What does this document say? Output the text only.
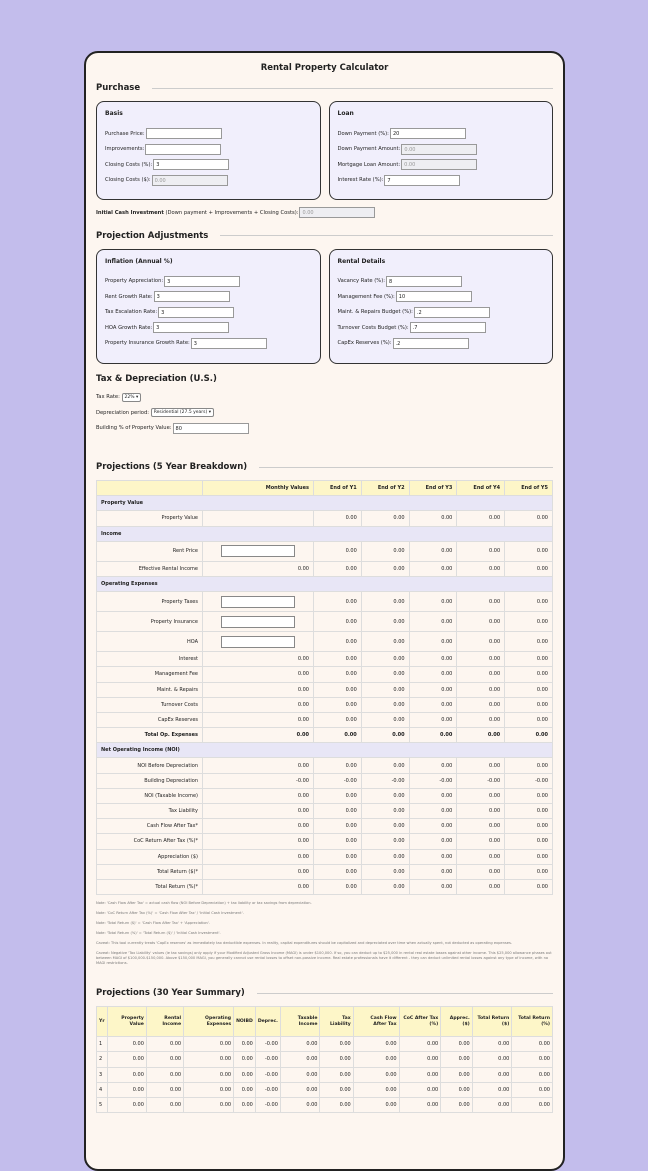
Rental Property Calculator
Purchase
Basis
Purchase Price:
Improvements:
Closing Costs (%): 3
Closing Costs ($): 0.00
Loan
Down Payment (%): 20
Down Payment Amount: 0.00
Mortgage Loan Amount: 0.00
Interest Rate (%): 7
Initial Cash Investment (Down payment + Improvements + Closing Costs): 0.00
Projection Adjustments
Inflation (Annual %)
Property Appreciation: 3
Rent Growth Rate: 3
Tax Escalation Rate: 3
HOA Growth Rate: 3
Property Insurance Growth Rate: 3
Rental Details
Vacancy Rate (%): 8
Management Fee (%): 10
Maint. & Repairs Budget (%): .2
Turnover Costs Budget (%): .7
CapEx Reserves (%): .2
Tax & Depreciation (U.S.)
Tax Rate:
	22% ▾
Depreciation period:
	Residential (27.5 years) ▾
Building % of Property Value: 80
Projections (5 Year Breakdown)
	Monthly Values	End of Y1	End of Y2	End of Y3	End of Y4	End of Y5
Property Value						
Property Value		0.00	0.00	0.00	0.00	0.00
Income						
Rent Price		0.00	0.00	0.00	0.00	0.00
Effective Rental Income	0.00	0.00	0.00	0.00	0.00	0.00
Operating Expenses						
Property Taxes		0.00	0.00	0.00	0.00	0.00
Property Insurance		0.00	0.00	0.00	0.00	0.00
HOA		0.00	0.00	0.00	0.00	0.00
Interest	0.00	0.00	0.00	0.00	0.00	0.00
Management Fee	0.00	0.00	0.00	0.00	0.00	0.00
Maint. & Repairs	0.00	0.00	0.00	0.00	0.00	0.00
Turnover Costs	0.00	0.00	0.00	0.00	0.00	0.00
CapEx Reserves	0.00	0.00	0.00	0.00	0.00	0.00
Total Op. Expenses	0.00	0.00	0.00	0.00	0.00	0.00
Net Operating Income (NOI)						
NOI Before Depreciation	0.00	0.00	0.00	0.00	0.00	0.00
Building Depreciation	-0.00	-0.00	-0.00	-0.00	-0.00	-0.00
NOI (Taxable Income)	0.00	0.00	0.00	0.00	0.00	0.00
Tax Liability	0.00	0.00	0.00	0.00	0.00	0.00
Cash Flow After Tax*	0.00	0.00	0.00	0.00	0.00	0.00
CoC Return After Tax (%)*	0.00	0.00	0.00	0.00	0.00	0.00
Appreciation ($)	0.00	0.00	0.00	0.00	0.00	0.00
Total Return ($)*	0.00	0.00	0.00	0.00	0.00	0.00
Total Return (%)*	0.00	0.00	0.00	0.00	0.00	0.00

Note: 'Cash Flow After Tax' = actual cash flow (NOI Before Depreciation) + tax liability or tax savings from depreciation.

Note: 'CoC Return After Tax (%)' = 'Cash Flow After Tax' / 'Initial Cash Investment'.

Note: 'Total Return ($)' = 'Cash Flow After Tax' + 'Appreciation'.

Note: 'Total Return (%)' = 'Total Return ($)' / 'Initial Cash Investment'.

Caveat: This tool currently treats 'CapEx reserves' as immediately tax deductible expenses. In reality, capital expenditures should be capitalized and depreciated over time when actually spent, not deducted as operating expenses.

Caveat: Negative 'Tax Liability' values (ie tax savings) only apply if your Modified Adjusted Gross Income (MAGI) is under $100,000. If so, you can deduct up to $25,000 in rental real estate losses against other income. This $25,000 allowance phases out between MAGI of $100,000-$150,000. Above $150,000 MAGI, you generally cannot use rental losses to offset non-passive income. Real estate professionals have it different - they can deduct unlimited rental losses against any type of income, with no MAGI restrictions.

Projections (30 Year Summary)
Yr	Property Value	Rental Income	Operating Expenses	NOIBD	Deprec.	Taxable Income	Tax Liability	Cash Flow After Tax	CoC After Tax (%)	Apprec. ($)	Total Return ($)	Total Return (%)
1	0.00	0.00	0.00	0.00	-0.00	0.00	0.00	0.00	0.00	0.00	0.00	0.00
2	0.00	0.00	0.00	0.00	-0.00	0.00	0.00	0.00	0.00	0.00	0.00	0.00
3	0.00	0.00	0.00	0.00	-0.00	0.00	0.00	0.00	0.00	0.00	0.00	0.00
4	0.00	0.00	0.00	0.00	-0.00	0.00	0.00	0.00	0.00	0.00	0.00	0.00
5	0.00	0.00	0.00	0.00	-0.00	0.00	0.00	0.00	0.00	0.00	0.00	0.00
